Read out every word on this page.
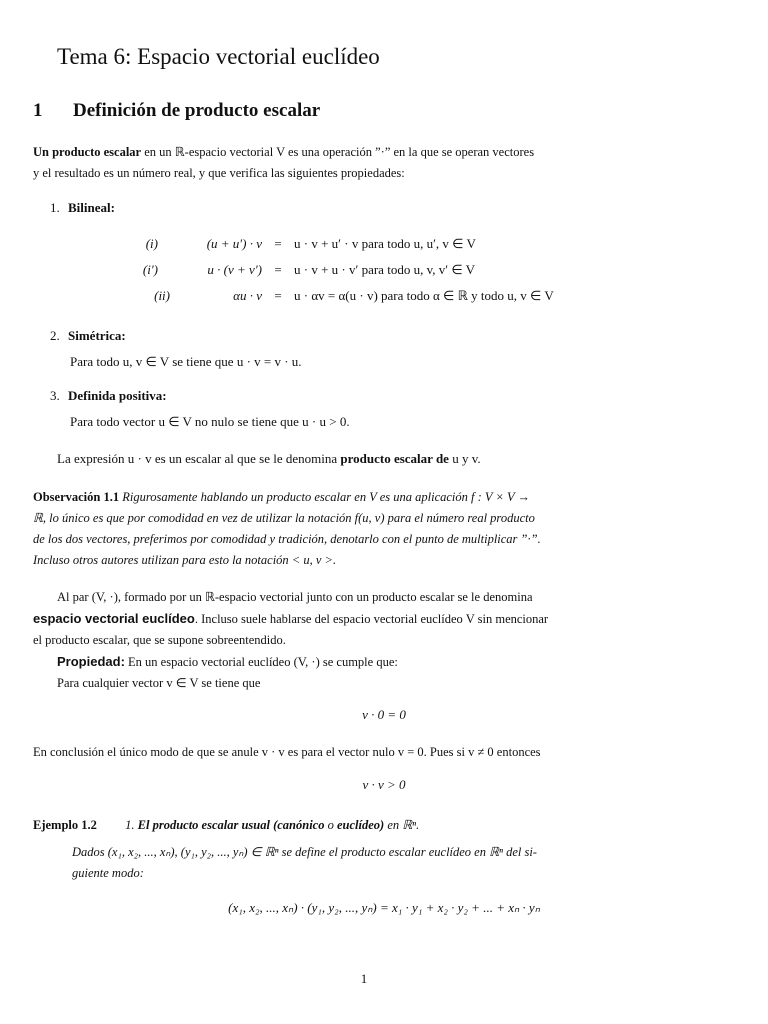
Tema 6: Espacio vectorial euclídeo
1 Definición de producto escalar
Un producto escalar en un ℝ-espacio vectorial V es una operación ”·” en la que se operan vectores
y el resultado es un número real, y que verifica las siguientes propiedades:
1. Bilineal:
(i)	(u + u′) · v = u · v + u′ · v para todo u, u′, v ∈ V
(i′)	u · (v + v′) = u · v + u · v′ para todo u, v, v′ ∈ V
(ii)	αu · v = u · αv = α(u · v) para todo α ∈ ℝ y todo u, v ∈ V
2. Simétrica:
Para todo u, v ∈ V se tiene que u · v = v · u.
3. Definida positiva:
Para todo vector u ∈ V no nulo se tiene que u · u > 0.
La expresión u · v es un escalar al que se le denomina producto escalar de u y v.
Observación 1.1 Rigurosamente hablando un producto escalar en V es una aplicación f : V × V →
ℝ, lo único es que por comodidad en vez de utilizar la notación f(u, v) para el número real producto
de los dos vectores, preferimos por comodidad y tradición, denotarlo con el punto de multiplicar ”·”.
Incluso otros autores utilizan para esto la notación < u, v >.
Al par (V, ·), formado por un ℝ-espacio vectorial junto con un producto escalar se le denomina
espacio vectorial euclídeo. Incluso suele hablarse del espacio vectorial euclídeo V sin mencionar
el producto escalar, que se supone sobreentendido.
Propiedad: En un espacio vectorial euclídeo (V, ·) se cumple que:
Para cualquier vector v ∈ V se tiene que
v · 0 = 0
En conclusión el único modo de que se anule v · v es para el vector nulo v = 0. Pues si v ≠ 0 entonces
v · v > 0
Ejemplo 1.2 1. El producto escalar usual (canónico o euclídeo) en ℝⁿ.
Dados (x₁, x₂, ..., xₙ), (y₁, y₂, ..., yₙ) ∈ ℝⁿ se define el producto escalar euclídeo en ℝⁿ del si-
guiente modo:
(x₁, x₂, ..., xₙ) · (y₁, y₂, ..., yₙ) = x₁ · y₁ + x₂ · y₂ + ... + xₙ · yₙ
1
